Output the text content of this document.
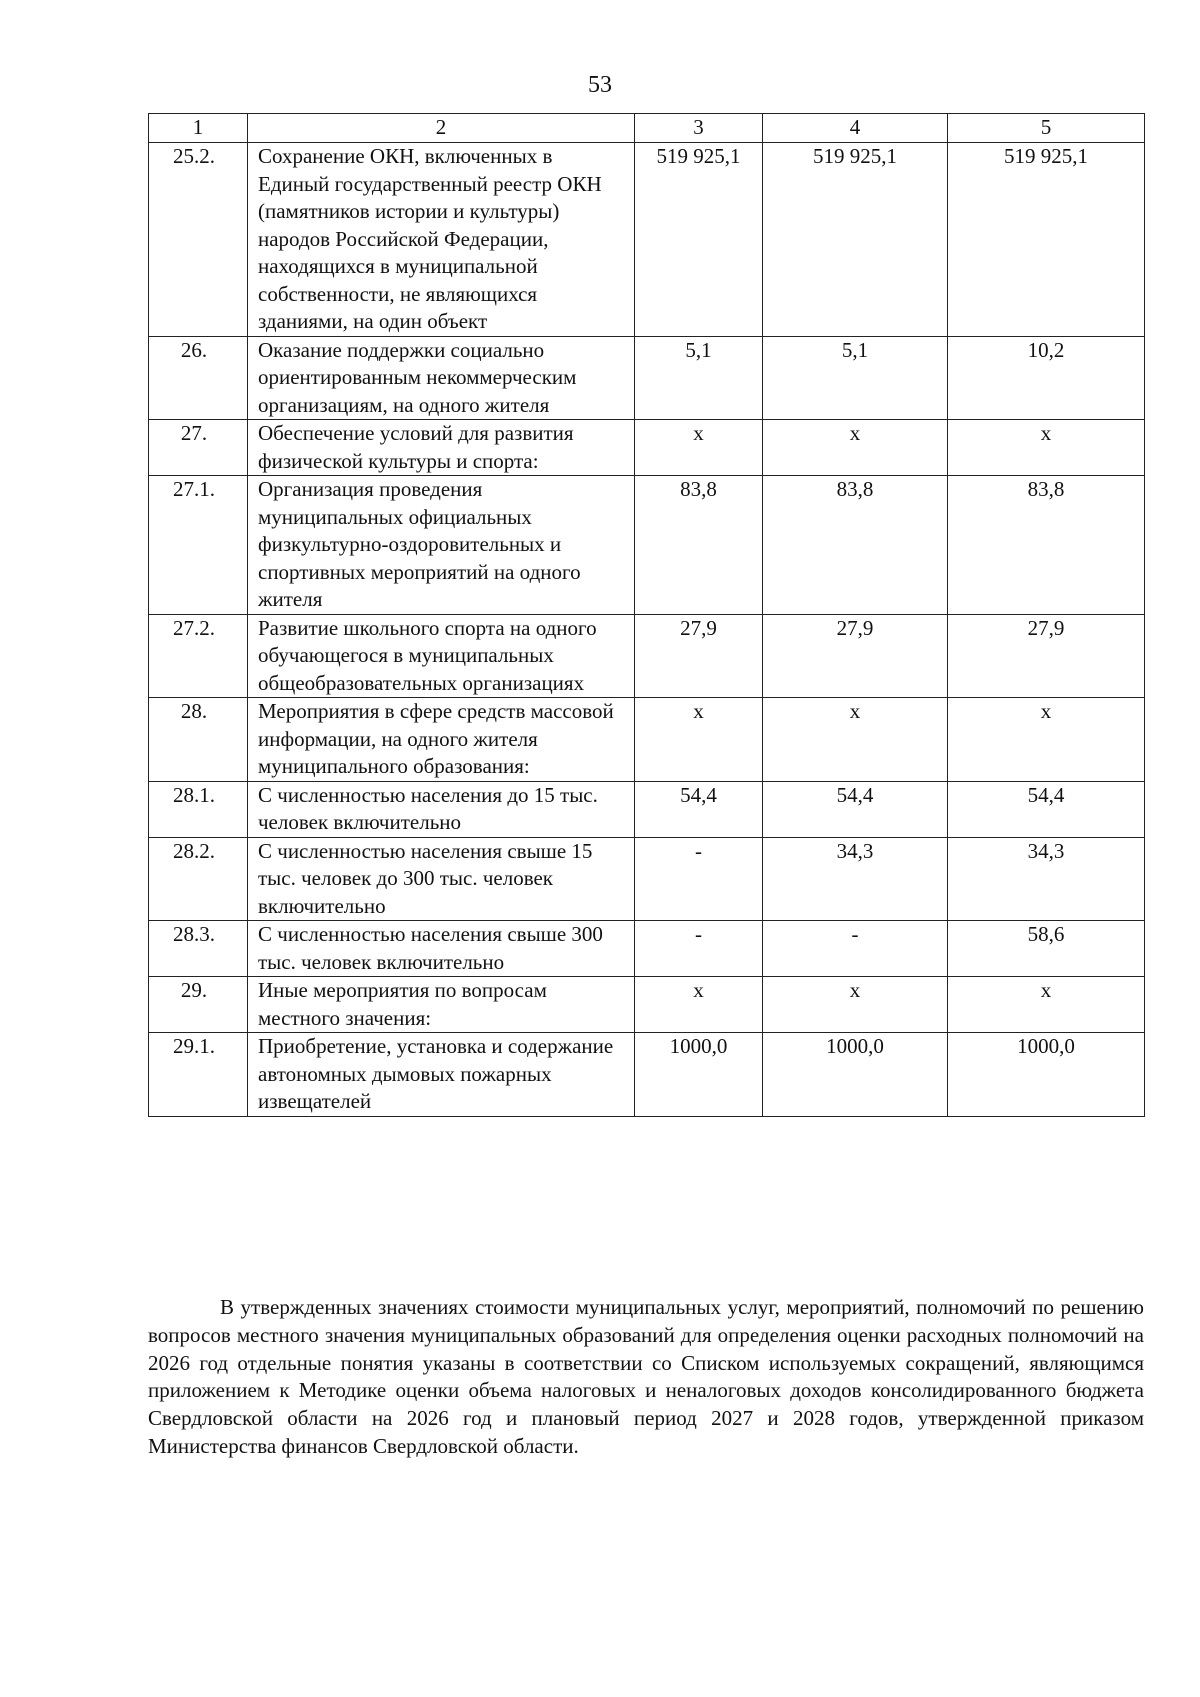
53
1	2	3	4	5
25.2.	Сохранение ОКН, включенных в Единый государственный реестр ОКН (памятников истории и культуры) народов Российской Федерации, находящихся в муниципальной собственности, не являющихся зданиями, на один объект	519 925,1	519 925,1	519 925,1
26.	Оказание поддержки социально ориентированным некоммерческим организациям, на одного жителя	5,1	5,1	10,2
27.	Обеспечение условий для развития физической культуры и спорта:	х	х	х
27.1.	Организация проведения муниципальных официальных физкультурно-оздоровительных и спортивных мероприятий на одного жителя	83,8	83,8	83,8
27.2.	Развитие школьного спорта на одного обучающегося в муниципальных общеобразовательных организациях	27,9	27,9	27,9
28.	Мероприятия в сфере средств массовой информации, на одного жителя муниципального образования:	х	х	х
28.1.	С численностью населения до 15 тыс. человек включительно	54,4	54,4	54,4
28.2.	С численностью населения свыше 15 тыс. человек до 300 тыс. человек включительно	-	34,3	34,3
28.3.	С численностью населения свыше 300 тыс. человек включительно	-	-	58,6
29.	Иные мероприятия по вопросам местного значения:	х	х	х
29.1.	Приобретение, установка и содержание автономных дымовых пожарных извещателей	1000,0	1000,0	1000,0

В утвержденных значениях стоимости муниципальных услуг, мероприятий, полномочий по решению вопросов местного значения муниципальных образований для определения оценки расходных полномочий на 2026 год отдельные понятия указаны в соответствии со Списком используемых сокращений, являющимся приложением к Методике оценки объема налоговых и неналоговых доходов консолидированного бюджета Свердловской области на 2026 год и плановый период 2027 и 2028 годов, утвержденной приказом Министерства финансов Свердловской области.
